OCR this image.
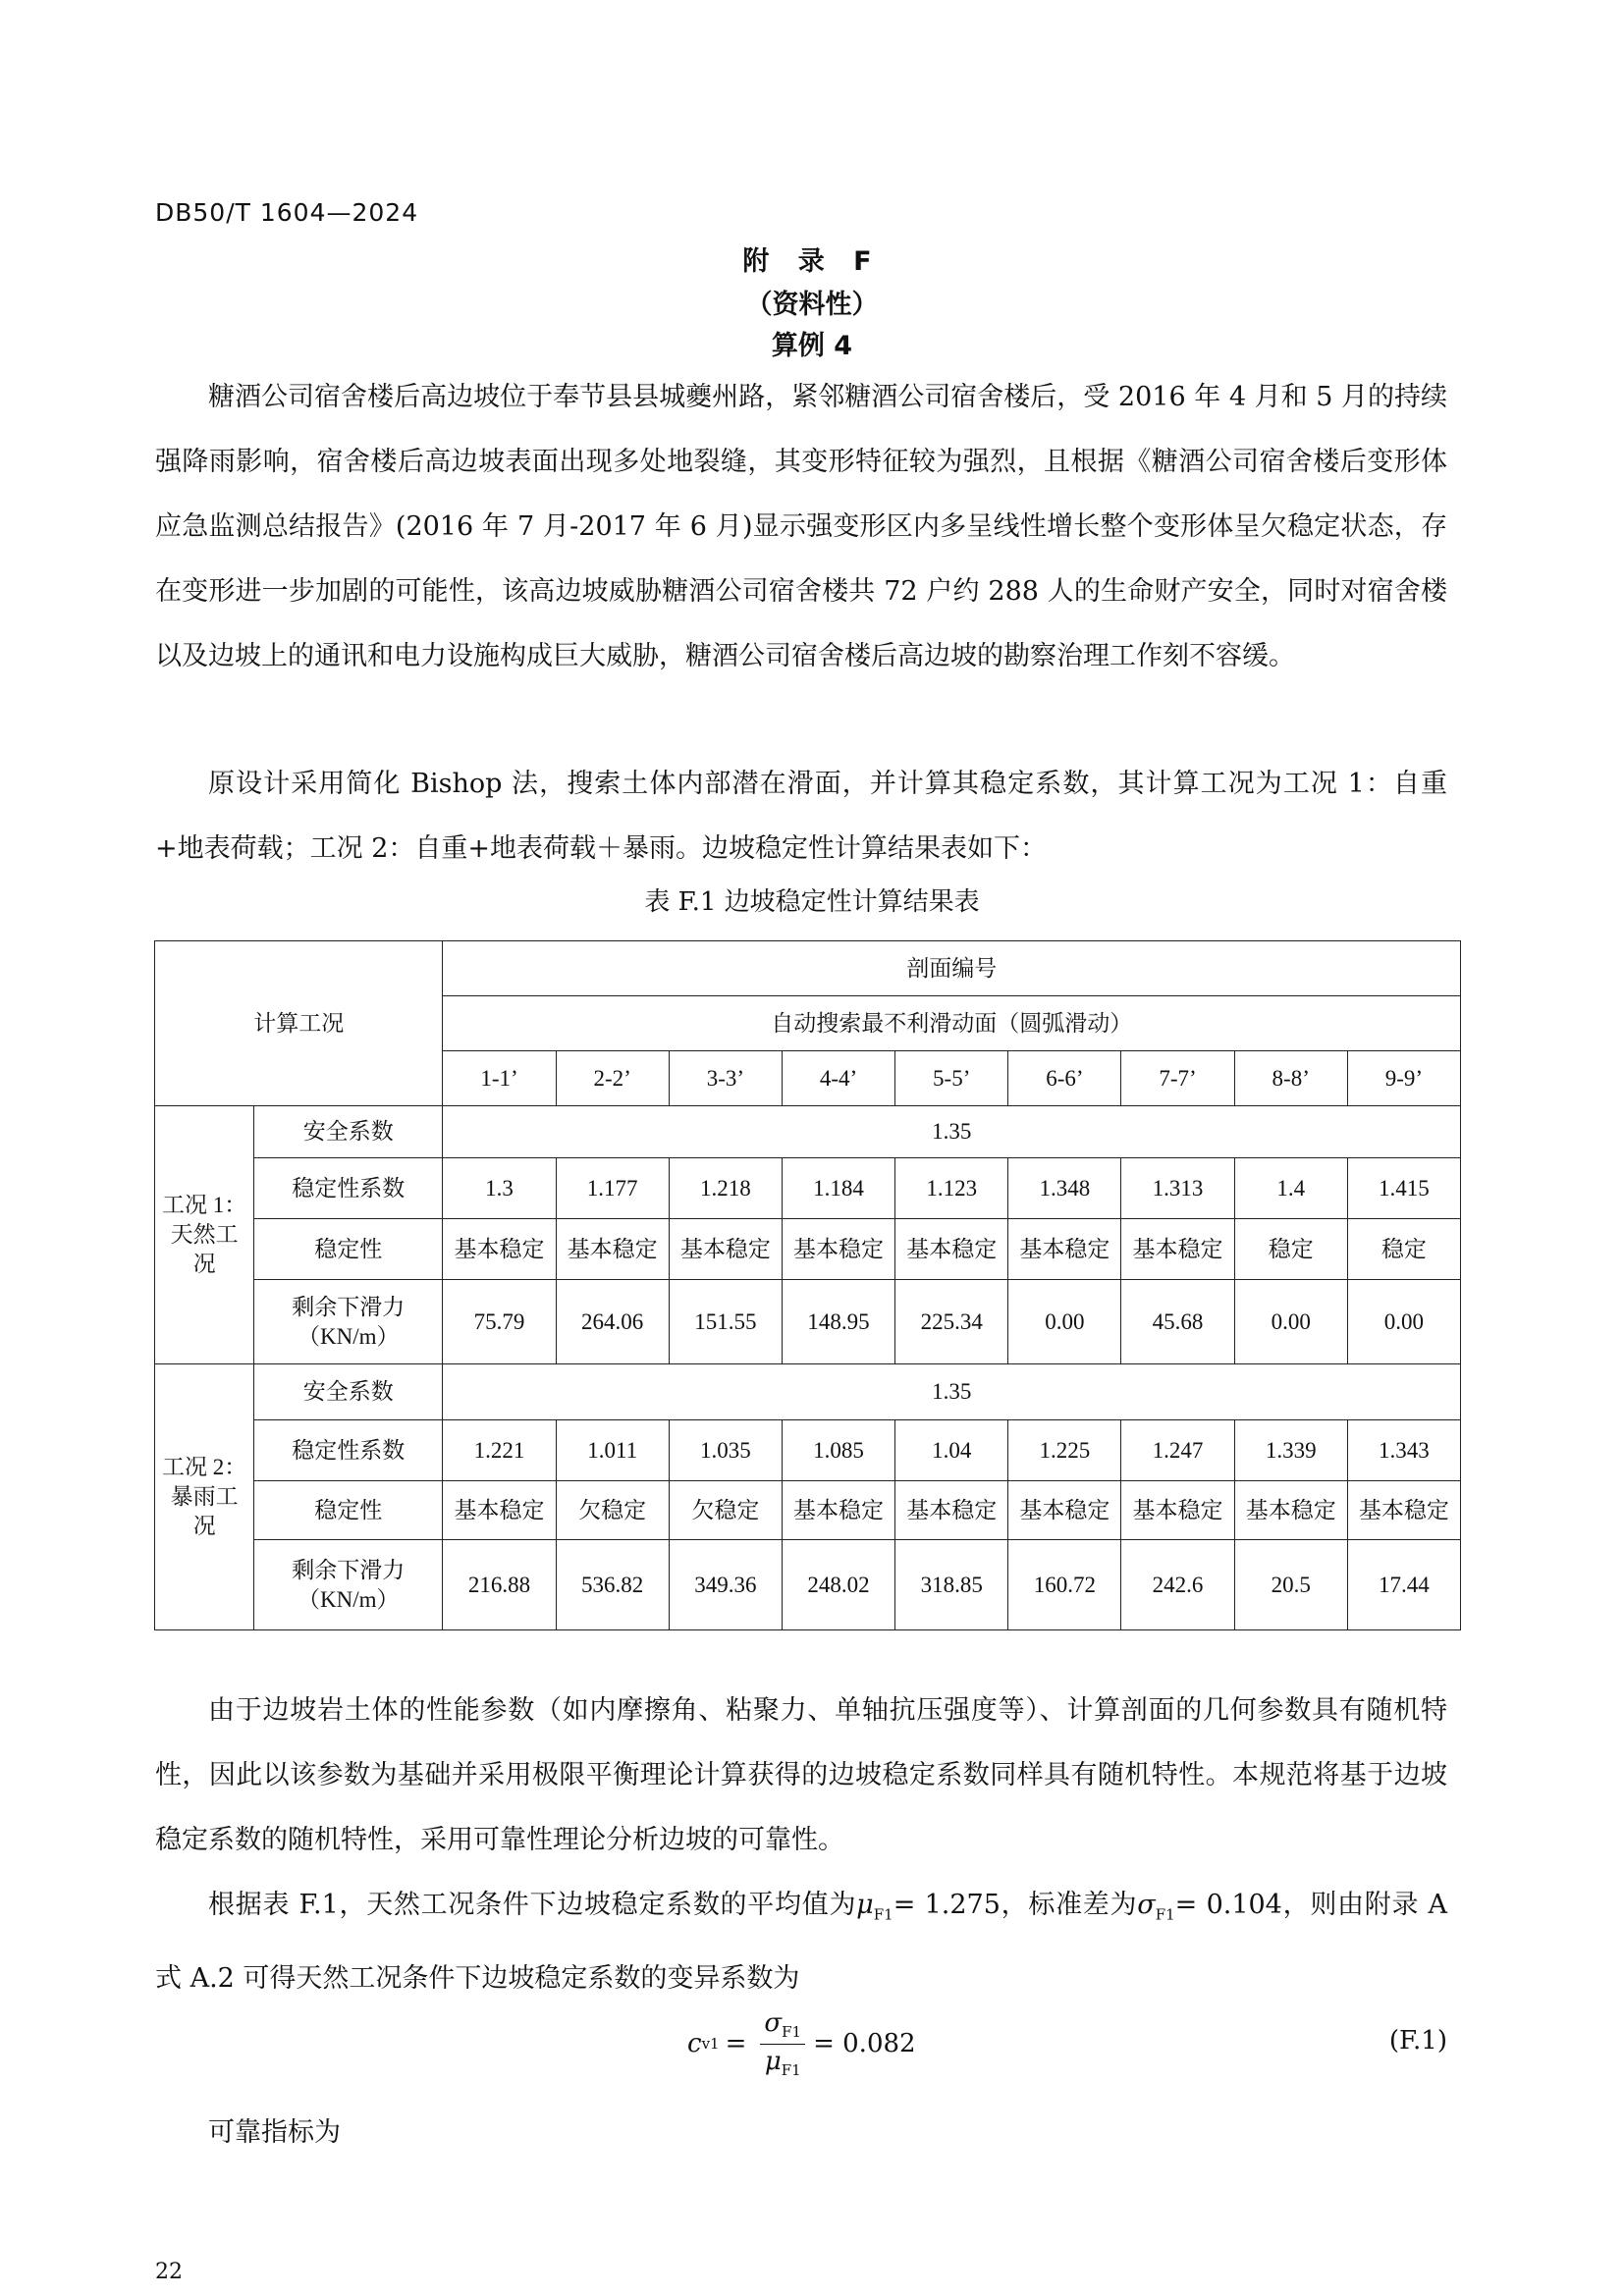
DB50/T 1604—2024
附 录 F
（资料性）
算例 4

糖酒公司宿舍楼后高边坡位于奉节县县城夔州路，紧邻糖酒公司宿舍楼后，受 2016 年 4 月和 5 月的持续强降雨影响，宿舍楼后高边坡表面出现多处地裂缝，其变形特征较为强烈，且根据《糖酒公司宿舍楼后变形体应急监测总结报告》(2016 年 7 月-2017 年 6 月)显示强变形区内多呈线性增长整个变形体呈欠稳定状态，存在变形进一步加剧的可能性，该高边坡威胁糖酒公司宿舍楼共 72 户约 288 人的生命财产安全，同时对宿舍楼以及边坡上的通讯和电力设施构成巨大威胁，糖酒公司宿舍楼后高边坡的勘察治理工作刻不容缓。

原设计采用简化 Bishop 法，搜索土体内部潜在滑面，并计算其稳定系数，其计算工况为工况 1：自重+地表荷载；工况 2：自重+地表荷载＋暴雨。边坡稳定性计算结果表如下：

表 F.1 边坡稳定性计算结果表
计算工况		剖面编号								
		自动搜索最不利滑动面（圆弧滑动）								
		1-1’	2-2’	3-3’	4-4’	5-5’	6-6’	7-7’	8-8’	9-9’

工况 1：
天然工
况	安全系数	1.35								
	稳定性系数	1.3	1.177	1.218	1.184	1.123	1.348	1.313	1.4	1.415
	稳定性	基本稳定	基本稳定	基本稳定	基本稳定	基本稳定	基本稳定	基本稳定	稳定	稳定

	剩余下滑力
（KN/m）	75.79	264.06	151.55	148.95	225.34	0.00	45.68	0.00	0.00

工况 2：
暴雨工
况	安全系数	1.35								
	稳定性系数	1.221	1.011	1.035	1.085	1.04	1.225	1.247	1.339	1.343
	稳定性	基本稳定	欠稳定	欠稳定	基本稳定	基本稳定	基本稳定	基本稳定	基本稳定	基本稳定

	剩余下滑力
（KN/m）	216.88	536.82	349.36	248.02	318.85	160.72	242.6	20.5	17.44

由于边坡岩土体的性能参数（如内摩擦角、粘聚力、单轴抗压强度等）、计算剖面的几何参数具有随机特性，因此以该参数为基础并采用极限平衡理论计算获得的边坡稳定系数同样具有随机特性。本规范将基于边坡稳定系数的随机特性，采用可靠性理论分析边坡的可靠性。

根据表 F.1，天然工况条件下边坡稳定系数的平均值为$\mu_{F1}= 1.275$，标准差为$\sigma_{F1}= 0.104$，则由附录 A 式 A.2 可得天然工况条件下边坡稳定系数的变异系数为

c $v1 = \frac{\sigma_{F1}}{\mu_{F1}} = 0.082$	(F.1)

可靠指标为

22
